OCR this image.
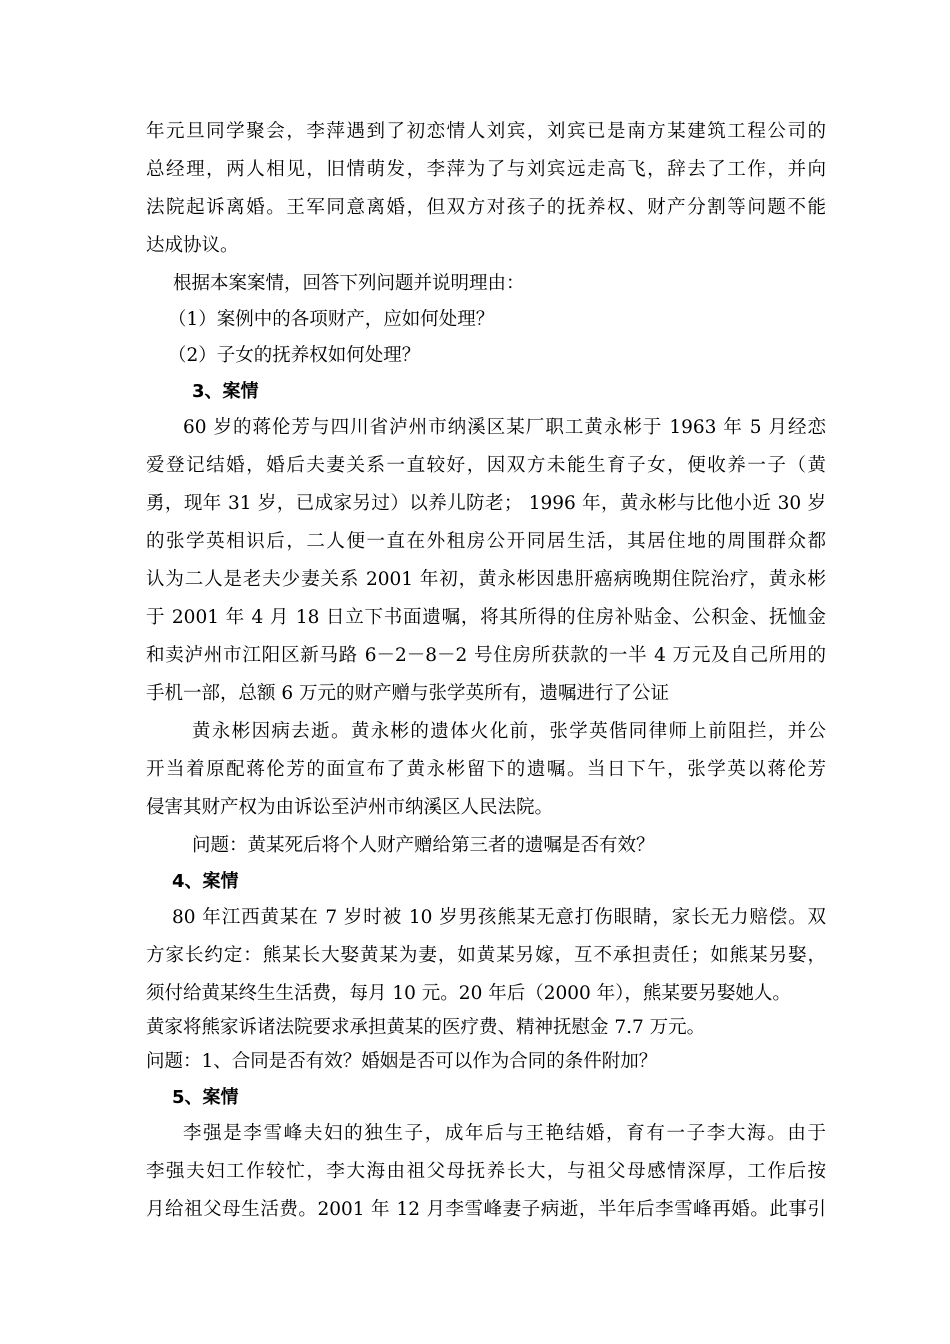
年元旦同学聚会，李萍遇到了初恋情人刘宾，刘宾已是南方某建筑工程公司的
总经理，两人相见，旧情萌发，李萍为了与刘宾远走高飞，辞去了工作，并向
法院起诉离婚。王军同意离婚，但双方对孩子的抚养权、财产分割等问题不能
达成协议。
根据本案案情，回答下列问题并说明理由：
（1）案例中的各项财产，应如何处理？
（2）子女的抚养权如何处理？
3、案情
60 岁的蒋伦芳与四川省泸州市纳溪区某厂职工黄永彬于 1963 年 5 月经恋
爱登记结婚，婚后夫妻关系一直较好，因双方未能生育子女，便收养一子（黄
勇，现年 31 岁，已成家另过）以养儿防老； 1996 年，黄永彬与比他小近 30 岁
的张学英相识后，二人便一直在外租房公开同居生活，其居住地的周围群众都
认为二人是老夫少妻关系 2001 年初，黄永彬因患肝癌病晚期住院治疗，黄永彬
于 2001 年 4 月 18 日立下书面遗嘱，将其所得的住房补贴金、公积金、抚恤金
和卖泸州市江阳区新马路 6－2－8－2 号住房所获款的一半 4 万元及自己所用的
手机一部，总额 6 万元的财产赠与张学英所有，遗嘱进行了公证
黄永彬因病去逝。黄永彬的遗体火化前，张学英偕同律师上前阻拦，并公
开当着原配蒋伦芳的面宣布了黄永彬留下的遗嘱。当日下午，张学英以蒋伦芳
侵害其财产权为由诉讼至泸州市纳溪区人民法院。
问题：黄某死后将个人财产赠给第三者的遗嘱是否有效？
4、案情
80 年江西黄某在 7 岁时被 10 岁男孩熊某无意打伤眼睛，家长无力赔偿。双
方家长约定：熊某长大娶黄某为妻，如黄某另嫁，互不承担责任；如熊某另娶，
须付给黄某终生生活费，每月 10 元。20 年后（2000 年），熊某要另娶她人。
黄家将熊家诉诸法院要求承担黄某的医疗费、精神抚慰金 7.7 万元。
问题：1、合同是否有效？婚姻是否可以作为合同的条件附加？
5、案情
李强是李雪峰夫妇的独生子，成年后与王艳结婚，育有一子李大海。由于
李强夫妇工作较忙，李大海由祖父母抚养长大，与祖父母感情深厚，工作后按
月给祖父母生活费。2001 年 12 月李雪峰妻子病逝，半年后李雪峰再婚。此事引
